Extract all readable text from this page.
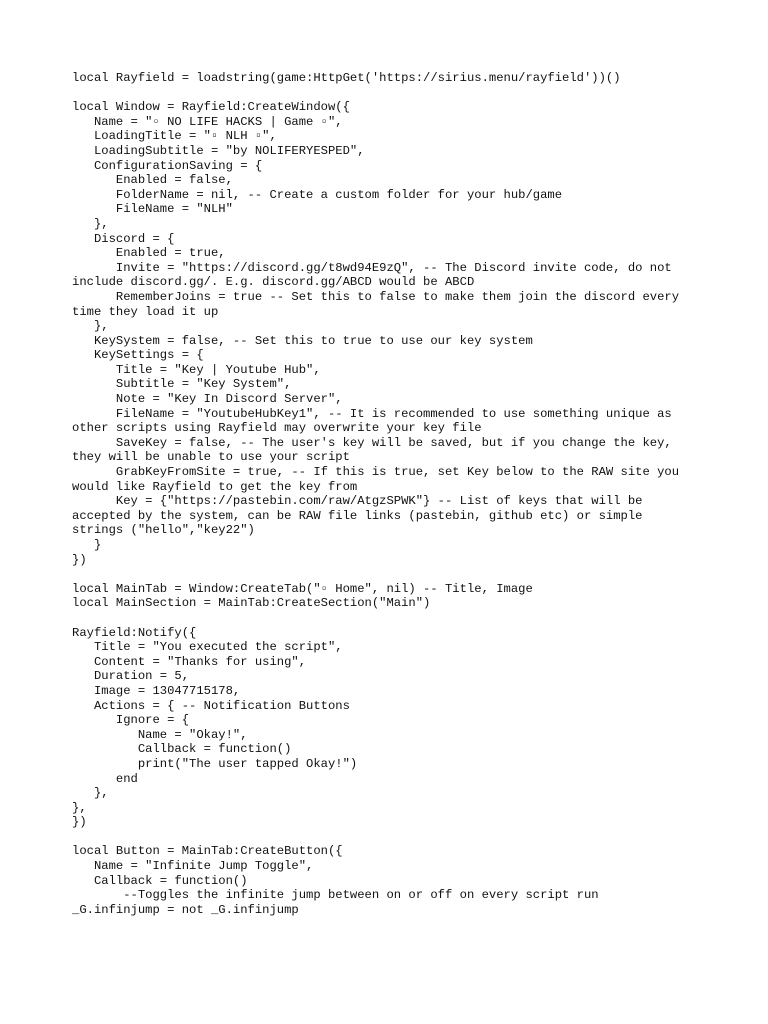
local Rayfield = loadstring(game:HttpGet('https://sirius.menu/rayfield'))()
local Window = Rayfield:CreateWindow({
Name = "▫ NO LIFE HACKS | Game ▫",
LoadingTitle = "▫ NLH ▫",
LoadingSubtitle = "by NOLIFERYESPED",
ConfigurationSaving = {
Enabled = false,
FolderName = nil, -- Create a custom folder for your hub/game
FileName = "NLH"
},
Discord = {
Enabled = true,
Invite = "https://discord.gg/t8wd94E9zQ", -- The Discord invite code, do not
include discord.gg/. E.g. discord.gg/ABCD would be ABCD
RememberJoins = true -- Set this to false to make them join the discord every
time they load it up
},
KeySystem = false, -- Set this to true to use our key system
KeySettings = {
Title = "Key | Youtube Hub",
Subtitle = "Key System",
Note = "Key In Discord Server",
FileName = "YoutubeHubKey1", -- It is recommended to use something unique as
other scripts using Rayfield may overwrite your key file
SaveKey = false, -- The user's key will be saved, but if you change the key,
they will be unable to use your script
GrabKeyFromSite = true, -- If this is true, set Key below to the RAW site you
would like Rayfield to get the key from
Key = {"https://pastebin.com/raw/AtgzSPWK"} -- List of keys that will be
accepted by the system, can be RAW file links (pastebin, github etc) or simple
strings ("hello","key22")
}
})
local MainTab = Window:CreateTab("▫ Home", nil) -- Title, Image
local MainSection = MainTab:CreateSection("Main")
Rayfield:Notify({
Title = "You executed the script",
Content = "Thanks for using",
Duration = 5,
Image = 13047715178,
Actions = { -- Notification Buttons
Ignore = {
Name = "Okay!",
Callback = function()
print("The user tapped Okay!")
end
},
},
})
local Button = MainTab:CreateButton({
Name = "Infinite Jump Toggle",
Callback = function()
--Toggles the infinite jump between on or off on every script run
_G.infinjump = not _G.infinjump
